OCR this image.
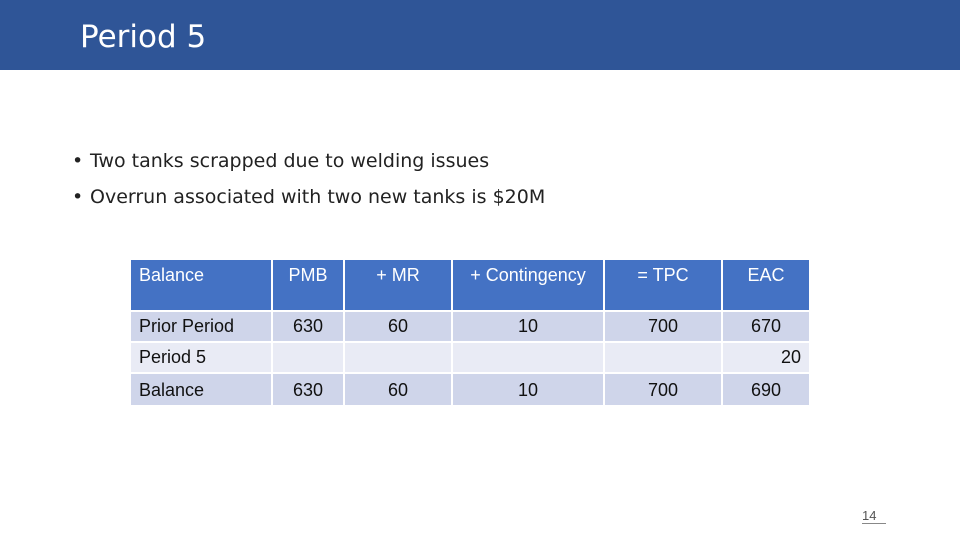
Period 5
• Two tanks scrapped due to welding issues
• Overrun associated with two new tanks is $20M
Balance	PMB	+ MR	+ Contingency	= TPC	EAC
Prior Period	630	60	10	700	670
Period 5					20
Balance	630	60	10	700	690
14
